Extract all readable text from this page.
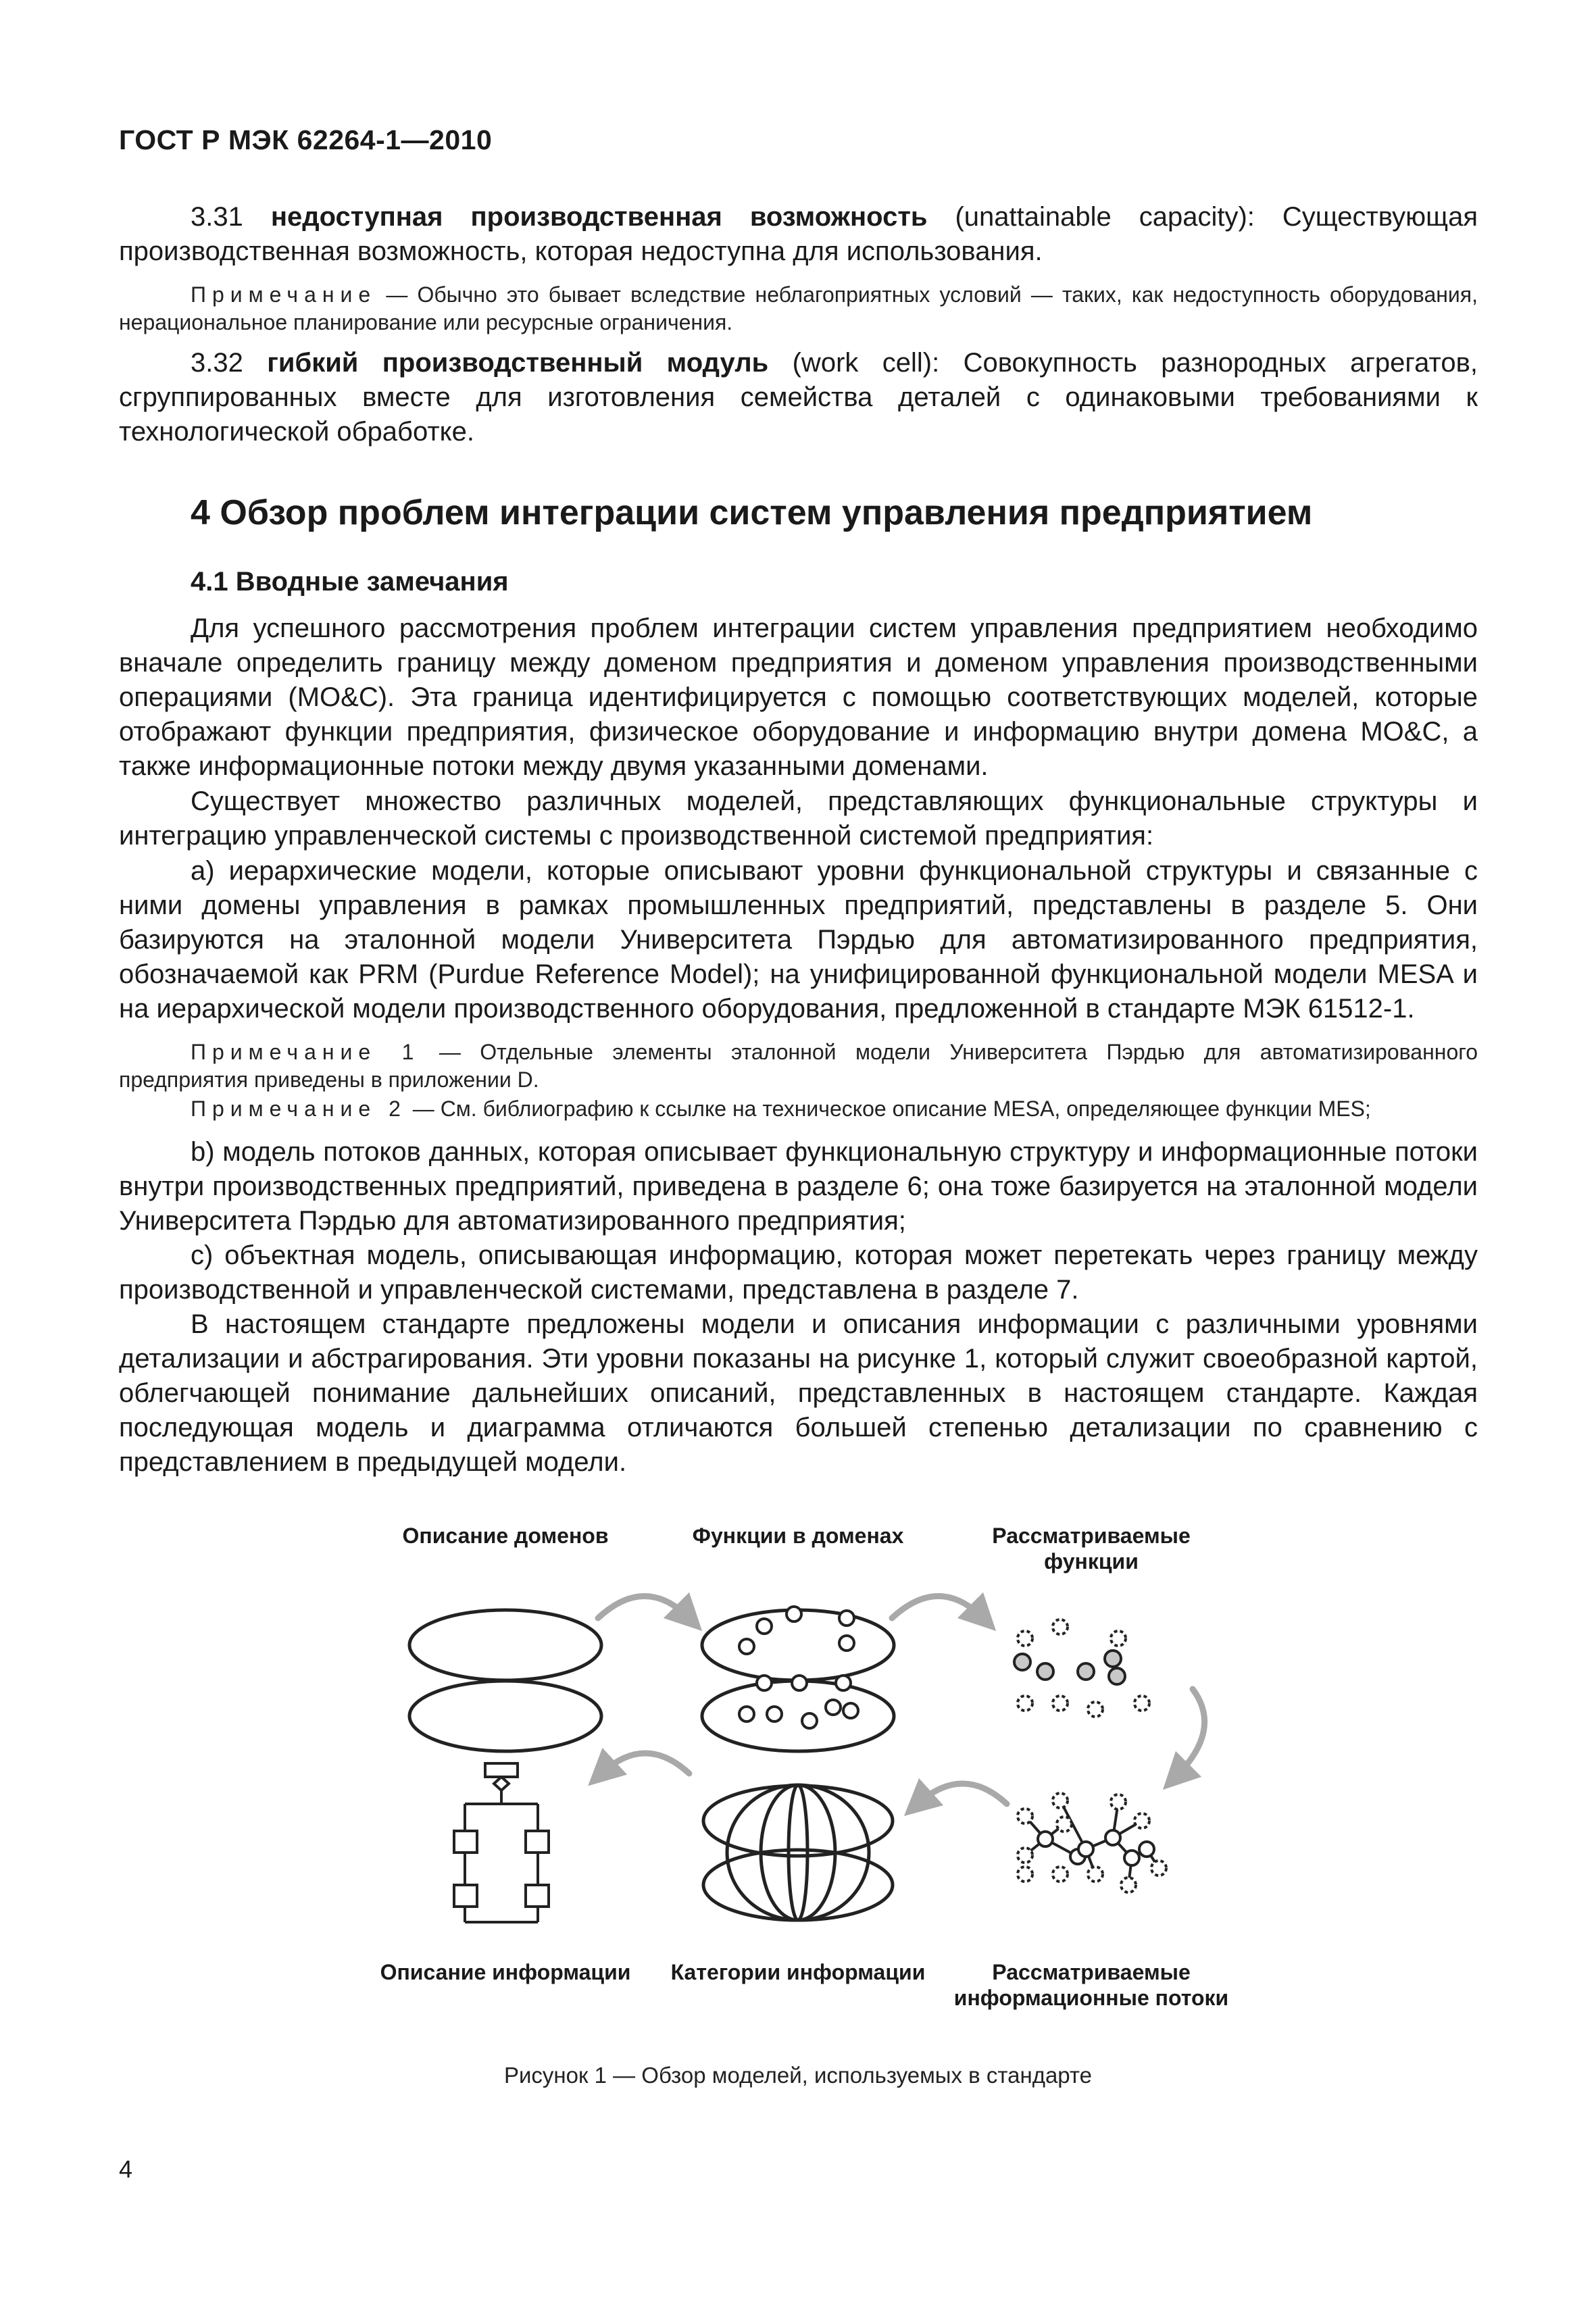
ГОСТ Р МЭК 62264-1—2010

3.31 недоступная производственная возможность (unattainable capacity): Существующая производственная возможность, которая недоступна для использования.

Примечание — Обычно это бывает вследствие неблагоприятных условий — таких, как недоступность оборудования, нерациональное планирование или ресурсные ограничения.

3.32 гибкий производственный модуль (work cell): Совокупность разнородных агрегатов, сгруппированных вместе для изготовления семейства деталей с одинаковыми требованиями к технологической обработке.

4 Обзор проблем интеграции систем управления предприятием
4.1 Вводные замечания

Для успешного рассмотрения проблем интеграции систем управления предприятием необходимо вначале определить границу между доменом предприятия и доменом управления производственными операциями (MO&C). Эта граница идентифицируется с помощью соответствующих моделей, которые отображают функции предприятия, физическое оборудование и информацию внутри домена MO&C, а также информационные потоки между двумя указанными доменами.

Существует множество различных моделей, представляющих функциональные структуры и интеграцию управленческой системы с производственной системой предприятия:

a) иерархические модели, которые описывают уровни функциональной структуры и связанные с ними домены управления в рамках промышленных предприятий, представлены в разделе 5. Они базируются на эталонной модели Университета Пэрдью для автоматизированного предприятия, обозначаемой как PRM (Purdue Reference Model); на унифицированной функциональной модели MESA и на иерархической модели производственного оборудования, предложенной в стандарте МЭК 61512-1.

Примечание 1 — Отдельные элементы эталонной модели Университета Пэрдью для автоматизированного предприятия приведены в приложении D.

Примечание 2 — См. библиографию к ссылке на техническое описание MESA, определяющее функции MES;

b) модель потоков данных, которая описывает функциональную структуру и информационные потоки внутри производственных предприятий, приведена в разделе 6; она тоже базируется на эталонной модели Университета Пэрдью для автоматизированного предприятия;

c) объектная модель, описывающая информацию, которая может перетекать через границу между производственной и управленческой системами, представлена в разделе 7.

В настоящем стандарте предложены модели и описания информации с различными уровнями детализации и абстрагирования. Эти уровни показаны на рисунке 1, который служит своеобразной картой, облегчающей понимание дальнейших описаний, представленных в настоящем стандарте. Каждая последующая модель и диаграмма отличаются большей степенью детализации по сравнению с представлением в предыдущей модели.

Описание доменов	Функции в доменах	Рассматриваемые функции
Описание информации	Категории информации	Рассматриваемые информационные потоки
Рисунок 1 — Обзор моделей, используемых в стандарте
4
